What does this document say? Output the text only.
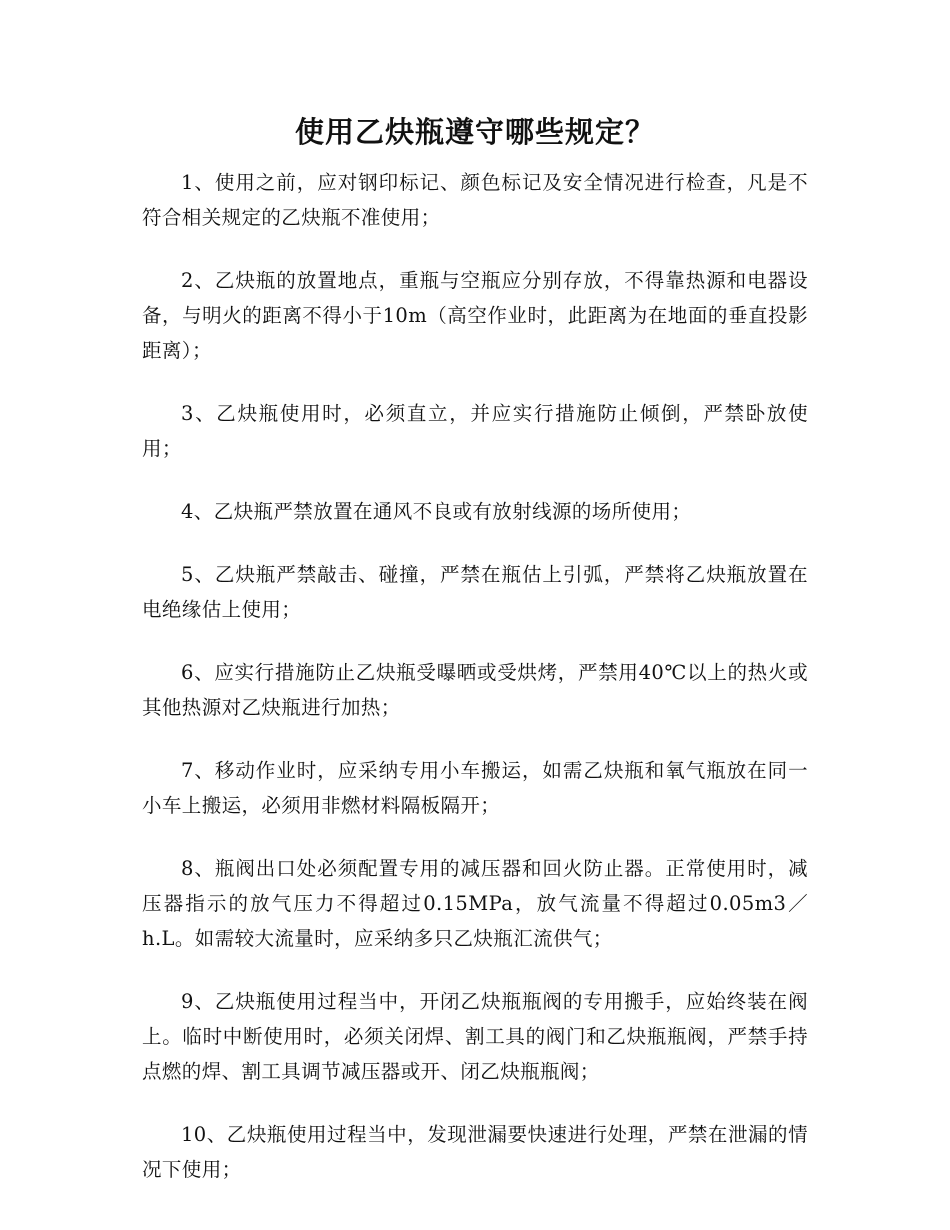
使用乙炔瓶遵守哪些规定？

1、使用之前，应对钢印标记、颜色标记及安全情况进行检查，凡是不符合相关规定的乙炔瓶不准使用；

2、乙炔瓶的放置地点，重瓶与空瓶应分别存放，不得靠热源和电器设备，与明火的距离不得小于10m（高空作业时，此距离为在地面的垂直投影距离）；

3、乙炔瓶使用时，必须直立，并应实行措施防止倾倒，严禁卧放使用；

4、乙炔瓶严禁放置在通风不良或有放射线源的场所使用；

5、乙炔瓶严禁敲击、碰撞，严禁在瓶估上引弧，严禁将乙炔瓶放置在电绝缘估上使用；

6、应实行措施防止乙炔瓶受曝晒或受烘烤，严禁用40℃以上的热火或其他热源对乙炔瓶进行加热；

7、移动作业时，应采纳专用小车搬运，如需乙炔瓶和氧气瓶放在同一小车上搬运，必须用非燃材料隔板隔开；

8、瓶阀出口处必须配置专用的减压器和回火防止器。正常使用时，减压器指示的放气压力不得超过0.15MPa，放气流量不得超过0.05m3／h.L。如需较大流量时，应采纳多只乙炔瓶汇流供气；

9、乙炔瓶使用过程当中，开闭乙炔瓶瓶阀的专用搬手，应始终装在阀上。临时中断使用时，必须关闭焊、割工具的阀门和乙炔瓶瓶阀，严禁手持点燃的焊、割工具调节减压器或开、闭乙炔瓶瓶阀；

10、乙炔瓶使用过程当中，发现泄漏要快速进行处理，严禁在泄漏的情况下使用；
